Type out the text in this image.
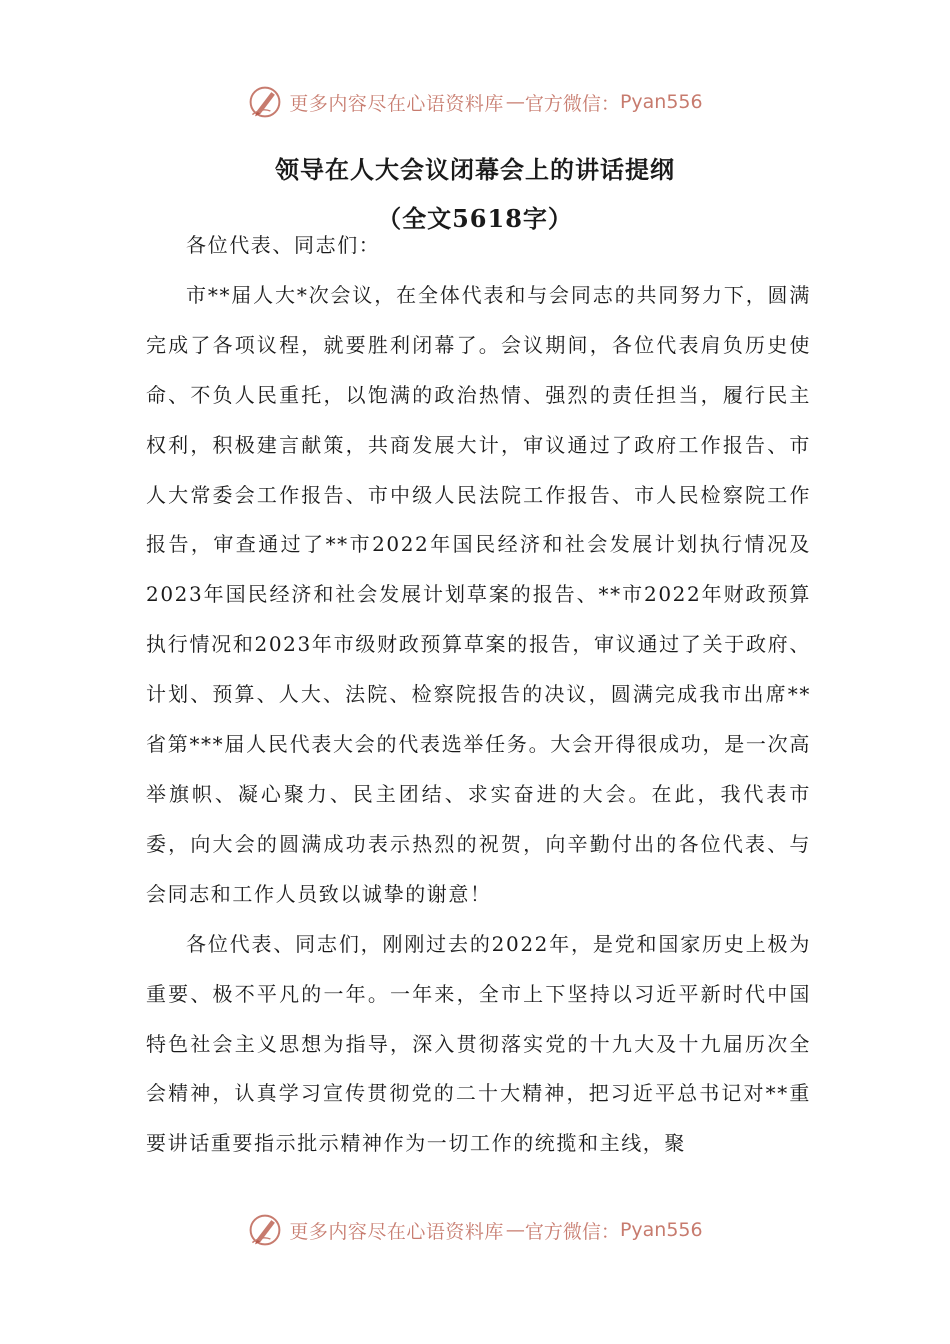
更多内容尽在心语资料库 — 官方微信： Pyan556
领导在人大会议闭幕会上的讲话提纲
（全文5618字）

各位代表、同志们：

市**届人大*次会议，在全体代表和与会同志的共同努力下，圆满完成了各项议程，就要胜利闭幕了。会议期间，各位代表肩负历史使命、不负人民重托，以饱满的政治热情、强烈的责任担当，履行民主权利，积极建言献策，共商发展大计，审议通过了政府工作报告、市人大常委会工作报告、市中级人民法院工作报告、市人民检察院工作报告，审查通过了**市2022年国民经济和社会发展计划执行情况及2023年国民经济和社会发展计划草案的报告、**市2022年财政预算执行情况和2023年市级财政预算草案的报告，审议通过了关于政府、计划、预算、人大、法院、检察院报告的决议，圆满完成我市出席**省第***届人民代表大会的代表选举任务。大会开得很成功，是一次高举旗帜、凝心聚力、民主团结、求实奋进的大会。在此，我代表市委，向大会的圆满成功表示热烈的祝贺，向辛勤付出的各位代表、与会同志和工作人员致以诚挚的谢意！

各位代表、同志们，刚刚过去的2022年，是党和国家历史上极为重要、极不平凡的一年。一年来，全市上下坚持以习近平新时代中国特色社会主义思想为指导，深入贯彻落实党的十九大及十九届历次全会精神，认真学习宣传贯彻党的二十大精神，把习近平总书记对**重要讲话重要指示批示精神作为一切工作的统揽和主线，聚

更多内容尽在心语资料库 — 官方微信： Pyan556
